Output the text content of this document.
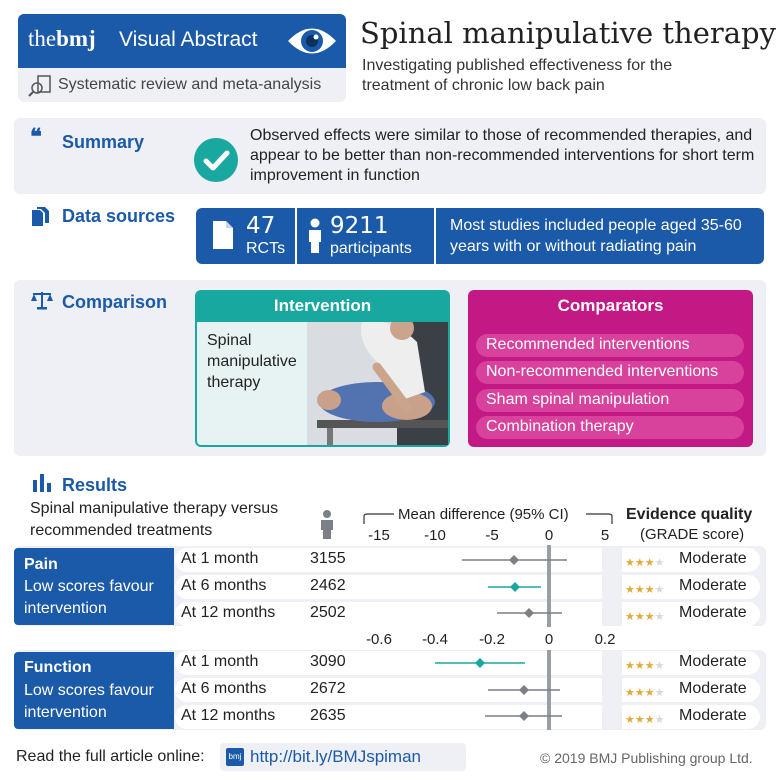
thebmj Visual Abstract
Systematic review and meta-analysis
Spinal manipulative therapy
Investigating published effectiveness for the treatment of chronic low back pain
❝ Summary	Observed effects were similar to those of recommended therapies, and appear to be better than non-recommended interventions for short term improvement in function
Data sources	47
RCTs
9211
participants
Most studies included people aged 35-60 years with or without radiating pain
Comparison	Intervention
Spinal manipulative therapy
Comparators
Recommended interventions
Non-recommended interventions
Sham spinal manipulation
Combination therapy
Results
Spinal manipulative therapy versus recommended treatments
Mean difference (95% CI)	Evidence quality
(GRADE score)
-15 -10	-5	0	5
-0.6 -0.4 -0.2	0	0.2
Pain
Low scores favour intervention
At 1 month	3155	★★★★ Moderate
At 6 months	2462	★★★★ Moderate
At 12 months 2502	★★★★ Moderate
Function
Low scores favour intervention
At 1 month	3090	★★★★ Moderate
At 6 months	2672	★★★★ Moderate
At 12 months 2635	★★★★ Moderate
Read the full article online:	bmj http://bit.ly/BMJspiman	© 2019 BMJ Publishing group Ltd.
